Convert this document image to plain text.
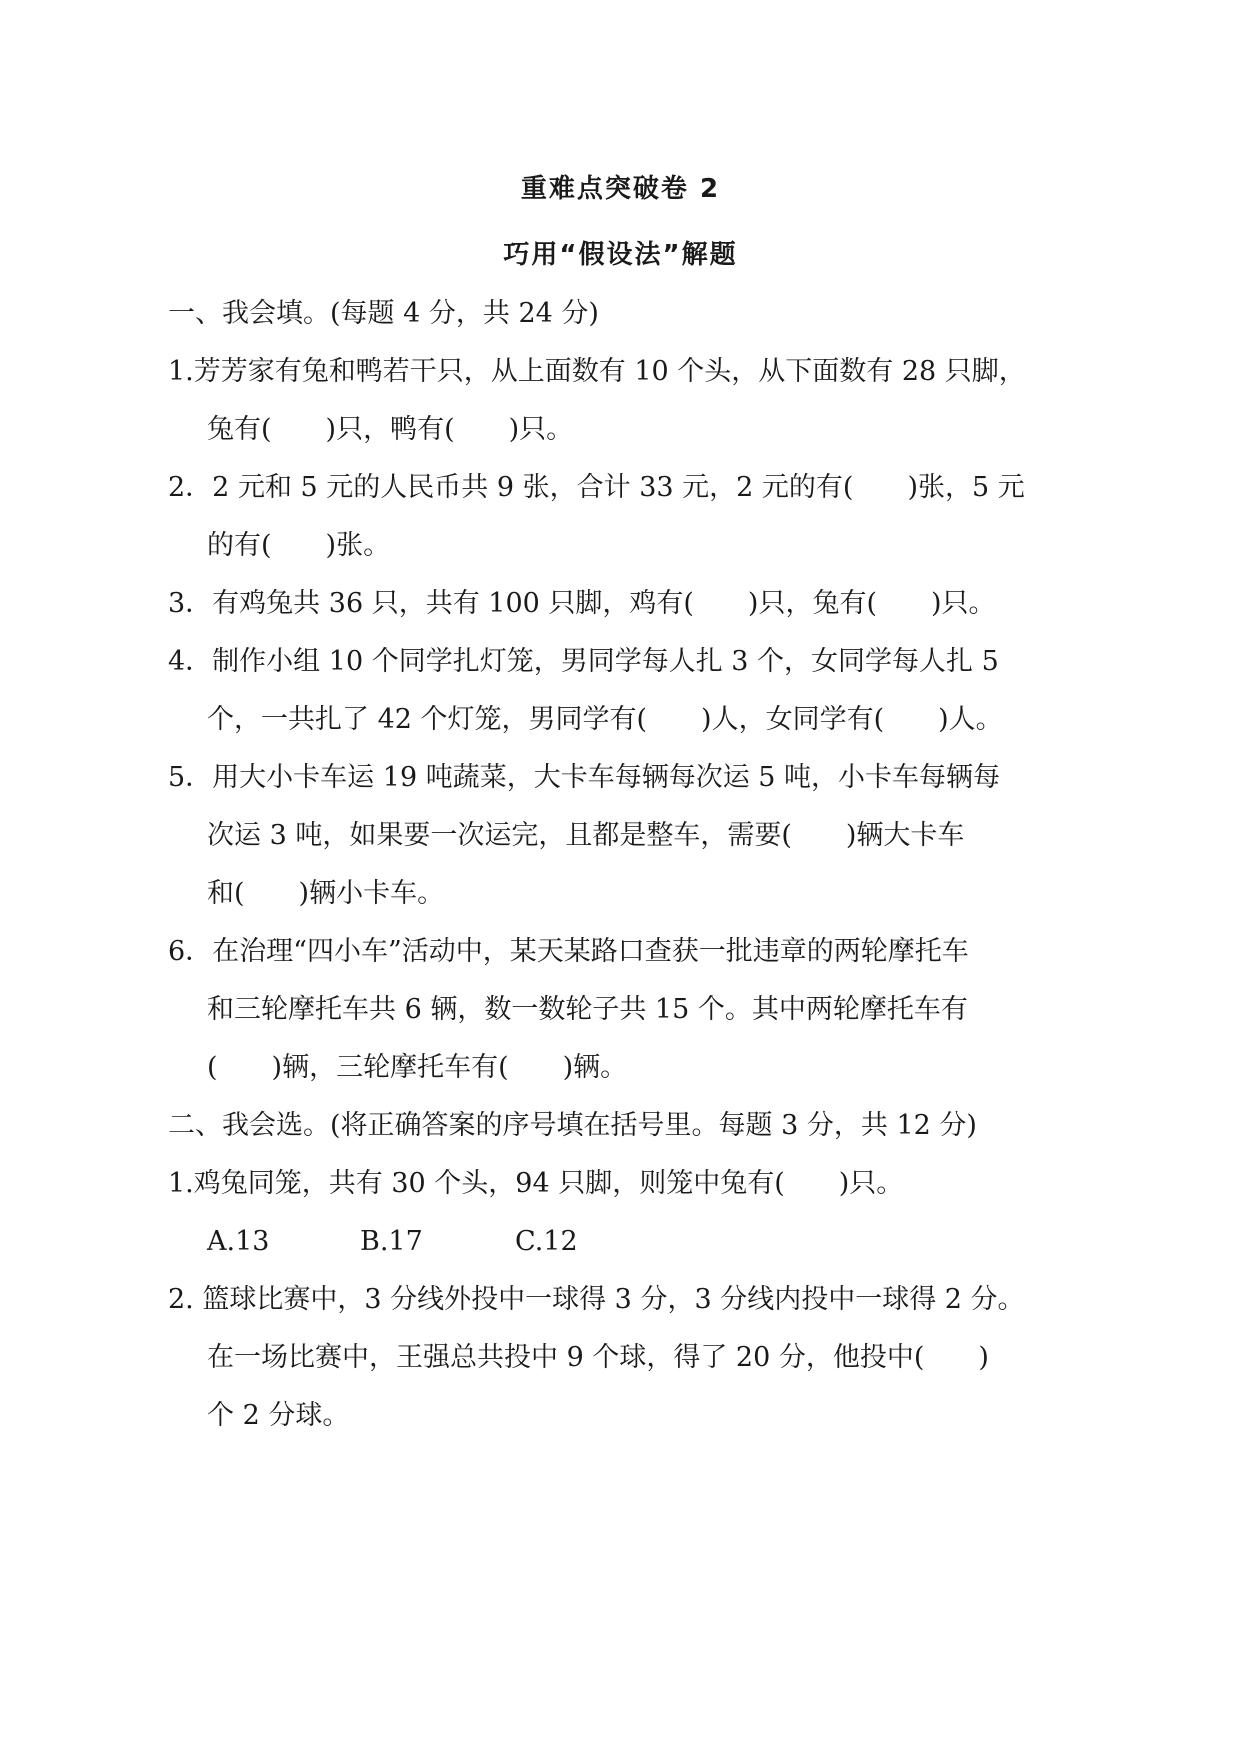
重难点突破卷 2
巧用“假设法”解题
一、我会填。(每题 4 分，共 24 分)
1.芳芳家有兔和鸭若干只，从上面数有 10 个头，从下面数有 28 只脚，
兔有(　　)只，鸭有(　　)只。
2．2 元和 5 元的人民币共 9 张，合计 33 元，2 元的有(　　)张，5 元
的有(　　)张。
3．有鸡兔共 36 只，共有 100 只脚，鸡有(　　)只，兔有(　　)只。
4．制作小组 10 个同学扎灯笼，男同学每人扎 3 个，女同学每人扎 5
个，一共扎了 42 个灯笼，男同学有(　　)人，女同学有(　　)人。
5．用大小卡车运 19 吨蔬菜，大卡车每辆每次运 5 吨，小卡车每辆每
次运 3 吨，如果要一次运完，且都是整车，需要(　　)辆大卡车
和(　　)辆小卡车。
6．在治理“四小车”活动中，某天某路口查获一批违章的两轮摩托车
和三轮摩托车共 6 辆，数一数轮子共 15 个。其中两轮摩托车有
(　　)辆，三轮摩托车有(　　)辆。
二、我会选。(将正确答案的序号填在括号里。每题 3 分，共 12 分)
1.鸡兔同笼，共有 30 个头，94 只脚，则笼中兔有(　　)只。
A.13	B.17	C.12
2. 篮球比赛中，3 分线外投中一球得 3 分，3 分线内投中一球得 2 分。
在一场比赛中，王强总共投中 9 个球，得了 20 分，他投中(　　)
个 2 分球。
